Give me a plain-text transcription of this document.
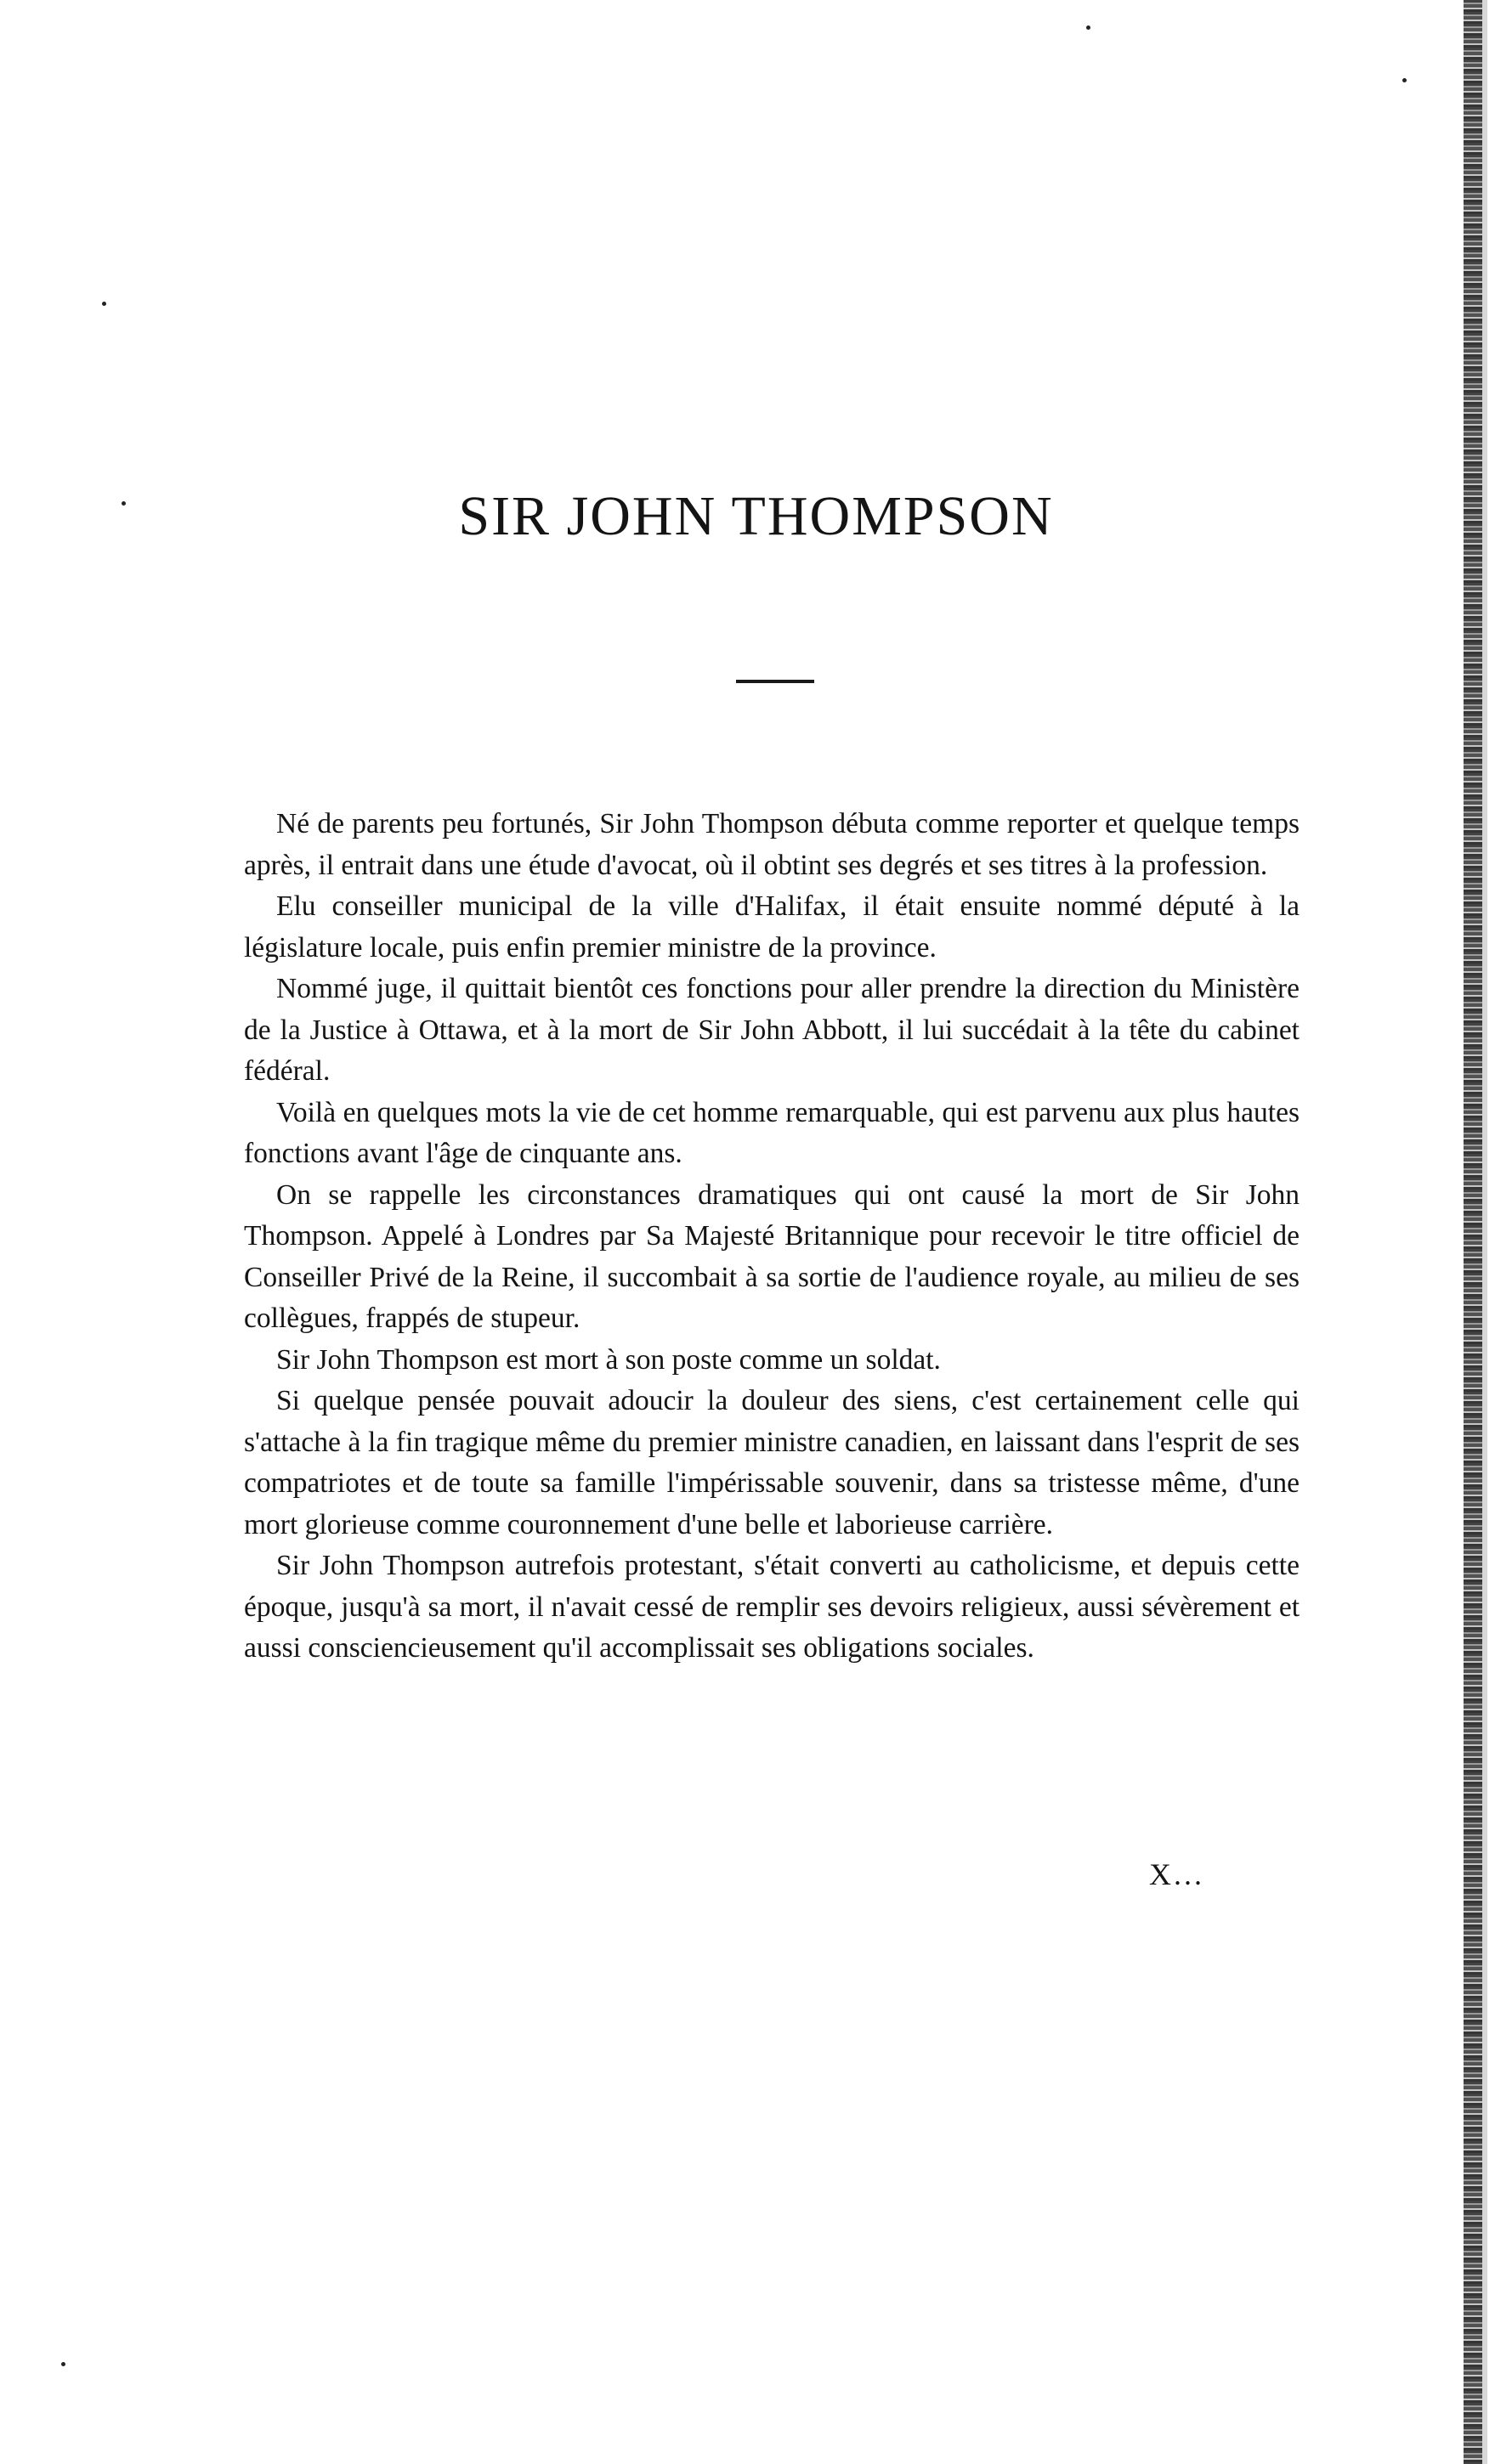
SIR JOHN THOMPSON

Né de parents peu fortunés, Sir John Thompson débuta comme reporter et quelque temps après, il entrait dans une étude d'avocat, où il obtint ses degrés et ses titres à la profession.

Elu conseiller municipal de la ville d'Halifax, il était ensuite nommé député à la législature locale, puis enfin premier ministre de la province.

Nommé juge, il quittait bientôt ces fonctions pour aller prendre la direction du Ministère de la Justice à Ottawa, et à la mort de Sir John Abbott, il lui succédait à la tête du cabinet fédéral.

Voilà en quelques mots la vie de cet homme remarquable, qui est parvenu aux plus hautes fonctions avant l'âge de cinquante ans.

On se rappelle les circonstances dramatiques qui ont causé la mort de Sir John Thompson. Appelé à Londres par Sa Majesté Britannique pour recevoir le titre officiel de Conseiller Privé de la Reine, il succombait à sa sortie de l'audience royale, au milieu de ses collègues, frappés de stupeur.

Sir John Thompson est mort à son poste comme un soldat.

Si quelque pensée pouvait adoucir la douleur des siens, c'est certainement celle qui s'attache à la fin tragique même du premier ministre canadien, en laissant dans l'esprit de ses compatriotes et de toute sa famille l'impérissable souvenir, dans sa tristesse même, d'une mort glorieuse comme couronnement d'une belle et laborieuse carrière.

Sir John Thompson autrefois protestant, s'était converti au catholicisme, et depuis cette époque, jusqu'à sa mort, il n'avait cessé de remplir ses devoirs religieux, aussi sévèrement et aussi consciencieusement qu'il accomplissait ses obligations sociales.

X...
